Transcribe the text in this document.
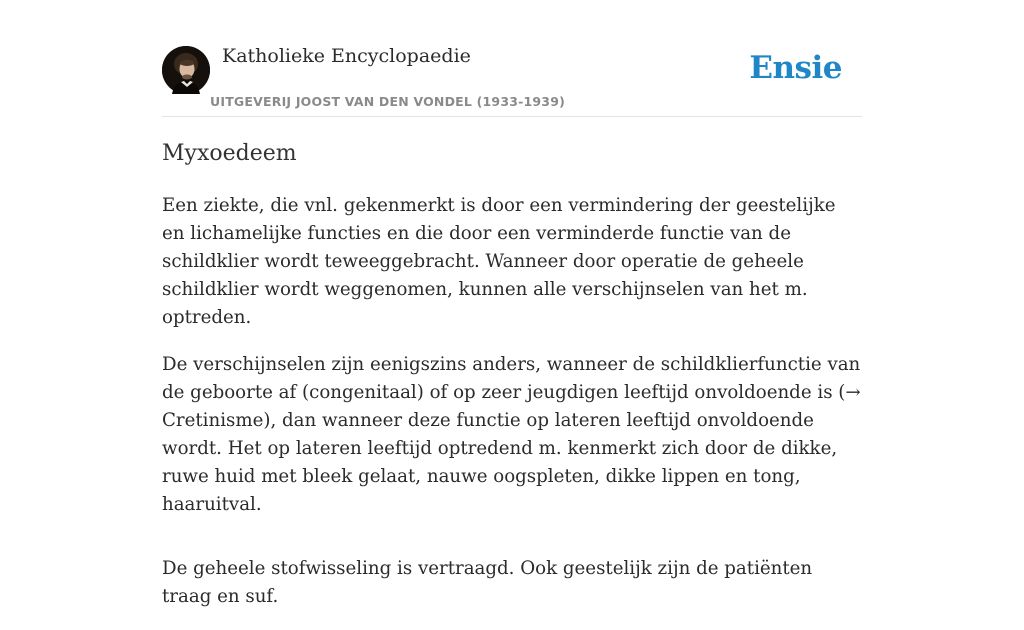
Katholieke Encyclopaedie
UITGEVERIJ JOOST VAN DEN VONDEL (1933-1939)
Ensie
Myxoedeem

Een ziekte, die vnl. gekenmerkt is door een vermindering der geestelijke en lichamelijke functies en die door een verminderde functie van de schildklier wordt teweeggebracht. Wanneer door operatie de geheele schildklier wordt weggenomen, kunnen alle verschijnselen van het m. optreden.

De verschijnselen zijn eenigszins anders, wanneer de schildklierfunctie van de geboorte af (congenitaal) of op zeer jeugdigen leeftijd onvoldoende is (→ Cretinisme), dan wanneer deze functie op lateren leeftijd onvoldoende wordt. Het op lateren leeftijd optredend m. kenmerkt zich door de dikke, ruwe huid met bleek gelaat, nauwe oogspleten, dikke lippen en tong, haaruitval.

De geheele stofwisseling is vertraagd. Ook geestelijk zijn de patiënten traag en suf.
